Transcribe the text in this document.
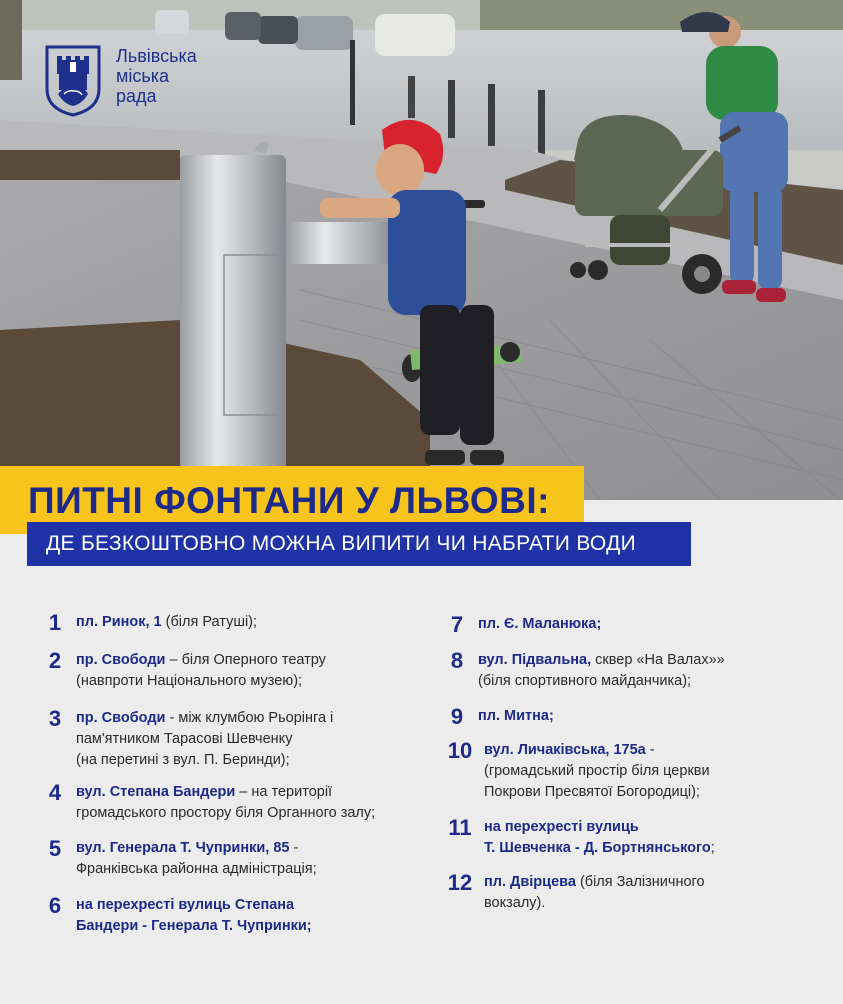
Львівська
міська
рада
ПИТНІ ФОНТАНИ У ЛЬВОВІ:
ДЕ БЕЗКОШТОВНО МОЖНА ВИПИТИ ЧИ НАБРАТИ ВОДИ
1	пл. Ринок, 1 (біля Ратуші);
2	пр. Свободи – біля Оперного театру
(навпроти Національного музею);
3	пр. Свободи - між клумбою Рьорінга і
пам'ятником Тарасові Шевченку
(на перетині з вул. П. Беринди);
4	вул. Степана Бандери – на території
громадського простору біля Органного залу;
5	вул. Генерала Т. Чупринки, 85 -
Франківська районна адміністрація;
6	на перехресті вулиць Степана
Бандери - Генерала Т. Чупринки;
7	пл. Є. Маланюка;
8	вул. Підвальна, сквер «На Валах»»
(біля спортивного майданчика);
9	пл. Митна;
10 вул. Личаківська, 175а -
(громадський простір біля церкви
Покрови Пресвятої Богородиці);
11 на перехресті вулиць
Т. Шевченка - Д. Бортнянського;
12 пл. Двірцева (біля Залізничного
вокзалу).
